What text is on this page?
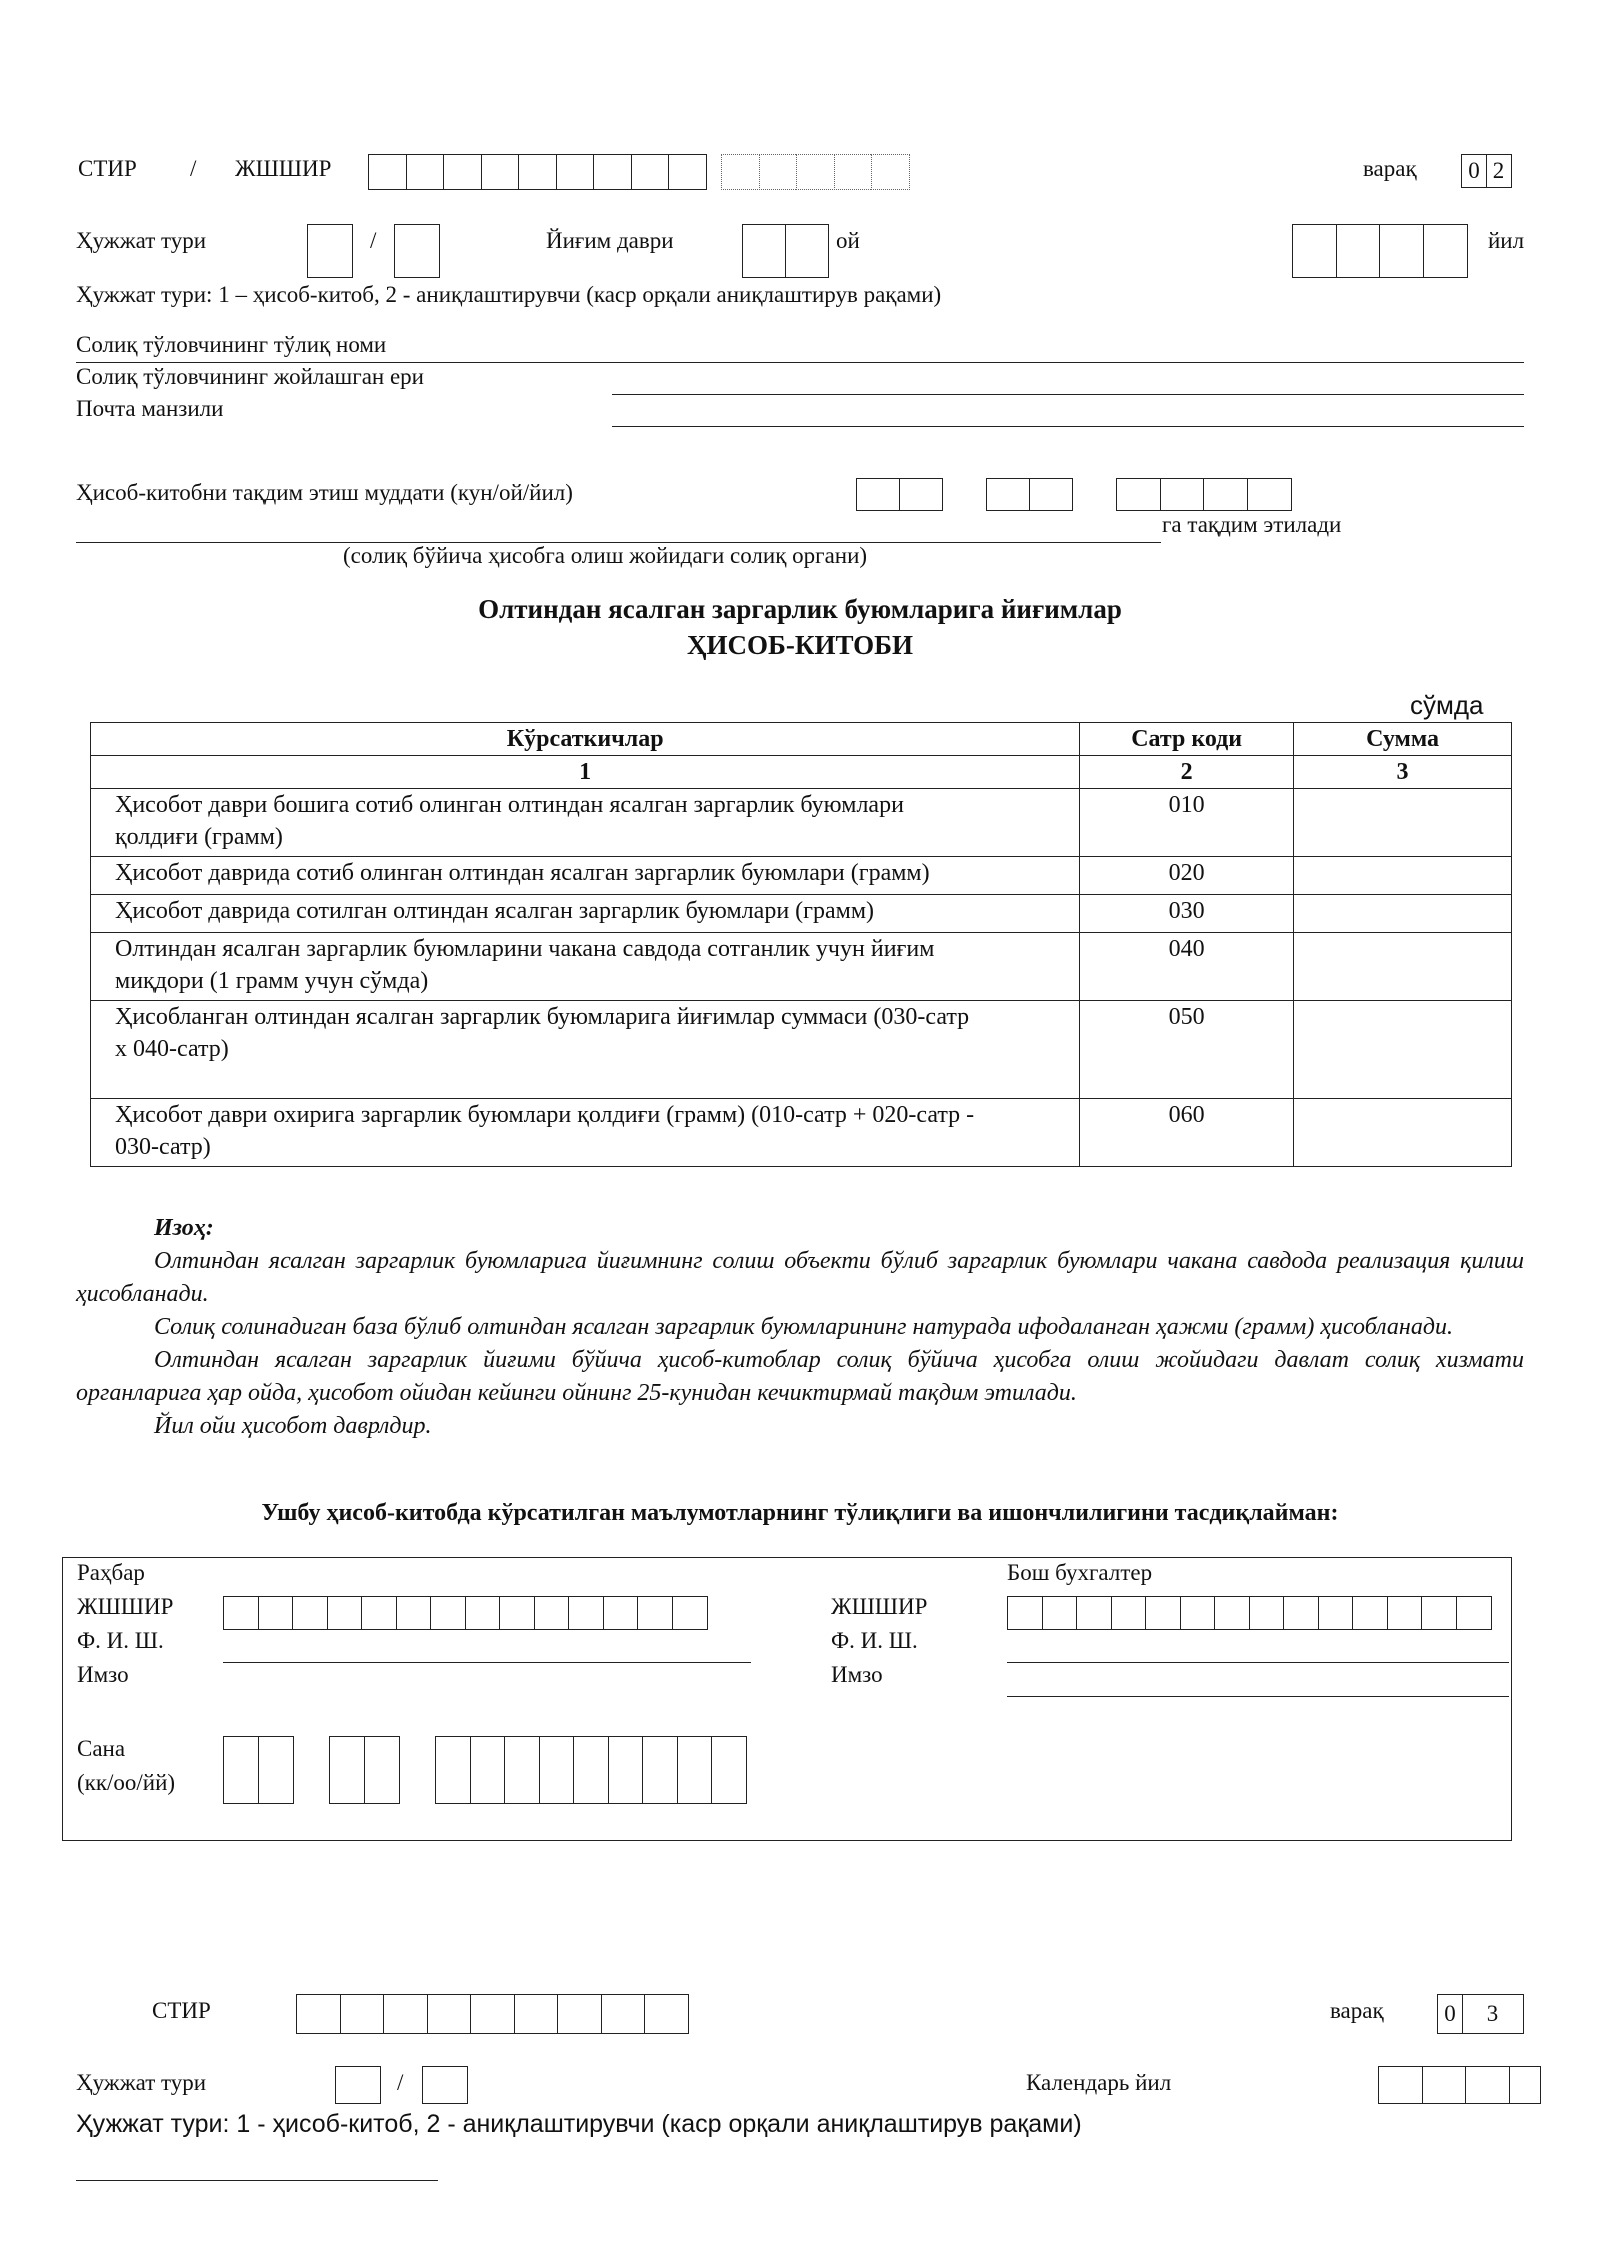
СТИР / ЖШШИР	варақ	0 2
Ҳужжат тури	/	Йиғим даври	ой	йил
Ҳужжат тури: 1 – ҳисоб-китоб, 2 - аниқлаштирувчи (каср орқали аниқлаштирув рақами)
Солиқ тўловчининг тўлиқ номи
Солиқ тўловчининг жойлашган ери
Почта манзили
Ҳисоб-китобни тақдим этиш муддати (кун/ой/йил)
га тақдим этилади
(солиқ бўйича ҳисобга олиш жойидаги солиқ органи)
Олтиндан ясалган заргарлик буюмларига йиғимлар
ҲИСОБ-КИТОБИ
сўмда
Кўрсаткичлар	Сатр коди	Сумма
1	2	3

Ҳисобот даври бошига сотиб олинган олтиндан ясалган заргарлик буюмлари
қолдиғи (грамм)	010	

Ҳисобот даврида сотиб олинган олтиндан ясалган заргарлик буюмлари (грамм)	020	

Ҳисобот даврида сотилган олтиндан ясалган заргарлик буюмлари (грамм)	030	

Олтиндан ясалган заргарлик буюмларини чакана савдода сотганлик учун йиғим
миқдори (1 грамм учун сўмда)	040	

Ҳисобланган олтиндан ясалган заргарлик буюмларига йиғимлар суммаси (030-сатр
x 040-сатр)	050	

Ҳисобот даври охирига заргарлик буюмлари қолдиғи (грамм) (010-сатр + 020-сатр -
030-сатр)	060	

Изоҳ:

Олтиндан ясалган заргарлик буюмларига йиғимнинг солиш объекти бўлиб заргарлик буюмлари чакана савдода реализация қилиш ҳисобланади.

Солиқ солинадиган база бўлиб олтиндан ясалган заргарлик буюмларининг натурада ифодаланган ҳажми (грамм) ҳисобланади.

Олтиндан ясалган заргарлик йиғими бўйича ҳисоб-китоблар солиқ бўйича ҳисобга олиш жойидаги давлат солиқ хизмати органларига ҳар ойда, ҳисобот ойидан кейинги ойнинг 25-кунидан кечиктирмай тақдим этилади.

Йил ойи ҳисобот даврлдир.

Ушбу ҳисоб-китобда кўрсатилган маълумотларнинг тўлиқлиги ва ишончлилигини тасдиқлайман:
Раҳбар	Бош бухгалтер
ЖШШИР
Ф. И. Ш.
Имзо
ЖШШИР
Ф. И. Ш.
Имзо
Сана
(кк/оо/йй)
СТИР	варақ	0	3
Ҳужжат тури	/	Календарь йил
Ҳужжат тури: 1 - ҳисоб-китоб, 2 - аниқлаштирувчи (каср орқали аниқлаштирув рақами)
